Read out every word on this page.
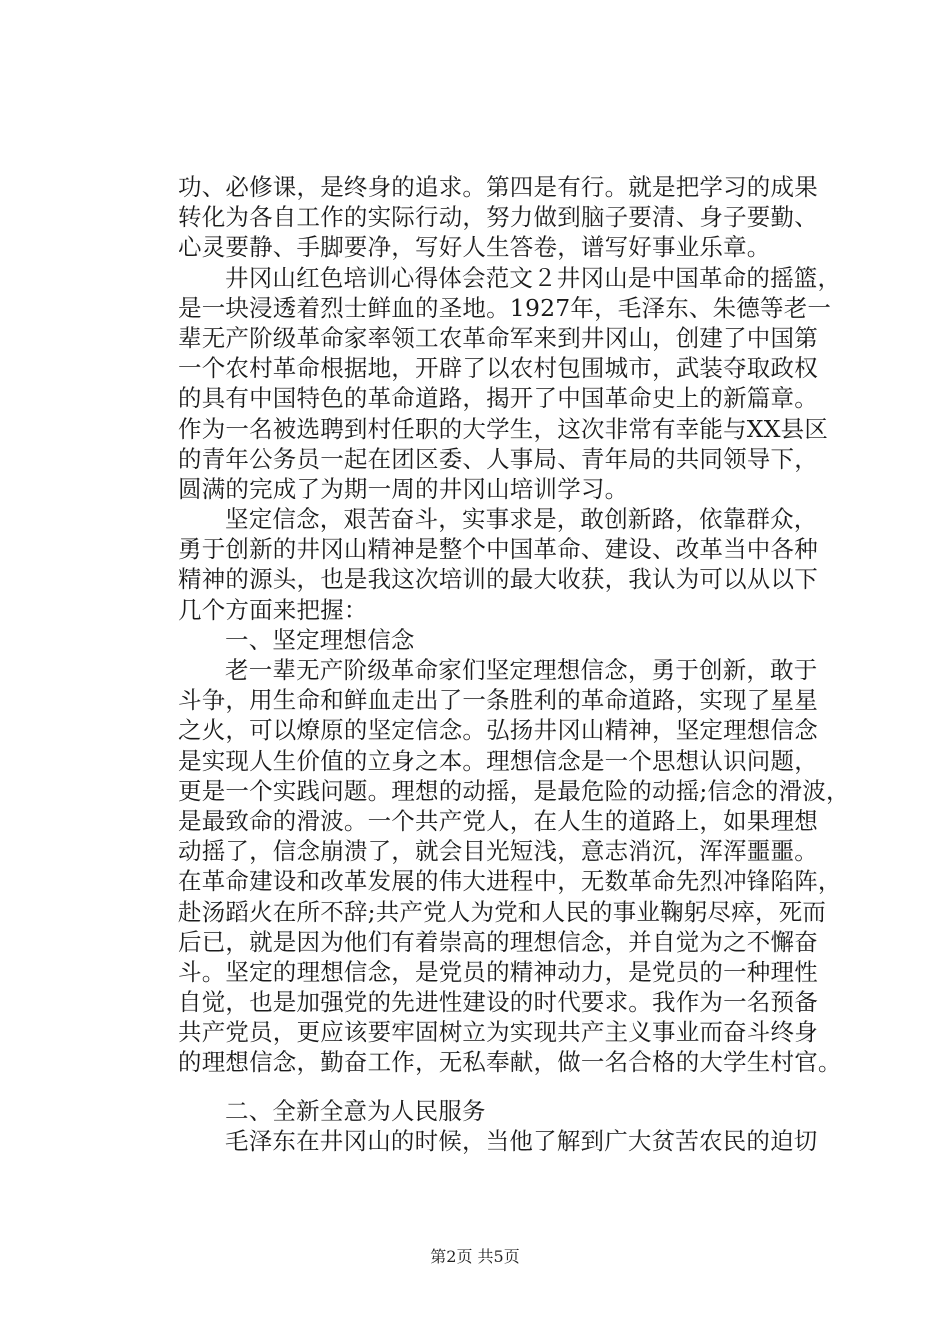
功、必修课，是终身的追求。第四是有行。就是把学习的成果
转化为各自工作的实际行动，努力做到脑子要清、身子要勤、
心灵要静、手脚要净，写好人生答卷，谱写好事业乐章。
井冈山红色培训心得体会范文２井冈山是中国革命的摇篮，
是一块浸透着烈士鲜血的圣地。1927年，毛泽东、朱德等老一
辈无产阶级革命家率领工农革命军来到井冈山，创建了中国第
一个农村革命根据地，开辟了以农村包围城市，武装夺取政权
的具有中国特色的革命道路，揭开了中国革命史上的新篇章。
作为一名被选聘到村任职的大学生，这次非常有幸能与XX县区
的青年公务员一起在团区委、人事局、青年局的共同领导下，
圆满的完成了为期一周的井冈山培训学习。
坚定信念，艰苦奋斗，实事求是，敢创新路，依靠群众，
勇于创新的井冈山精神是整个中国革命、建设、改革当中各种
精神的源头，也是我这次培训的最大收获，我认为可以从以下
几个方面来把握：
一、坚定理想信念
老一辈无产阶级革命家们坚定理想信念，勇于创新，敢于
斗争，用生命和鲜血走出了一条胜利的革命道路，实现了星星
之火，可以燎原的坚定信念。弘扬井冈山精神，坚定理想信念
是实现人生价值的立身之本。理想信念是一个思想认识问题，
更是一个实践问题。理想的动摇，是最危险的动摇;信念的滑波，
是最致命的滑波。一个共产党人，在人生的道路上，如果理想
动摇了，信念崩溃了，就会目光短浅，意志消沉，浑浑噩噩。
在革命建设和改革发展的伟大进程中，无数革命先烈冲锋陷阵，
赴汤蹈火在所不辞;共产党人为党和人民的事业鞠躬尽瘁，死而
后已，就是因为他们有着崇高的理想信念，并自觉为之不懈奋
斗。坚定的理想信念，是党员的精神动力，是党员的一种理性
自觉，也是加强党的先进性建设的时代要求。我作为一名预备
共产党员，更应该要牢固树立为实现共产主义事业而奋斗终身
的理想信念，勤奋工作，无私奉献，做一名合格的大学生村官。
二、全新全意为人民服务
毛泽东在井冈山的时候，当他了解到广大贫苦农民的迫切
第2页 共5页
